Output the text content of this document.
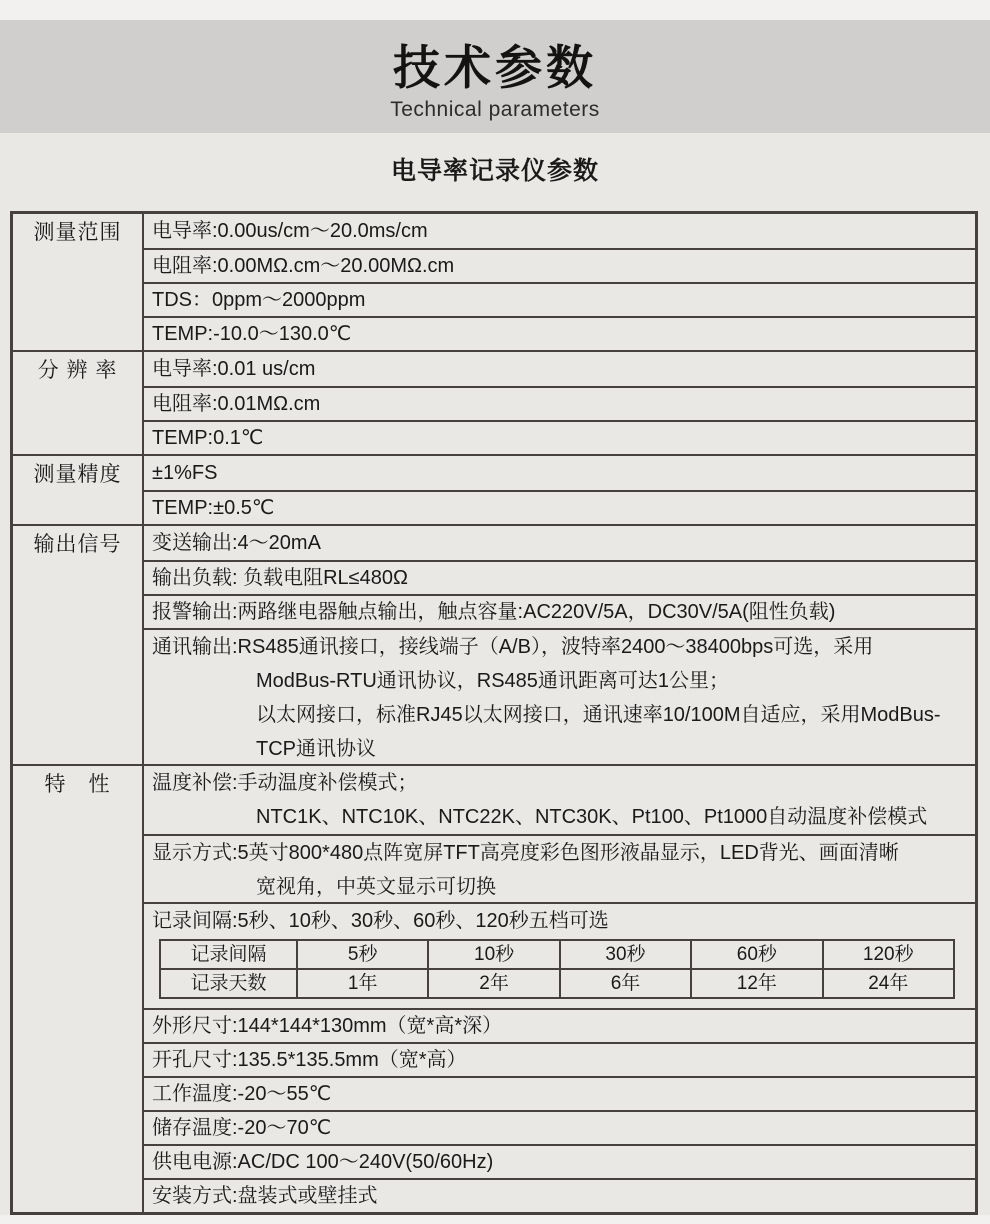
技术参数
Technical parameters
电导率记录仪参数
测量范围	电导率:0.00us/cm～20.0ms/cm
电阻率:0.00MΩ.cm～20.00MΩ.cm
TDS：0ppm～2000ppm
TEMP:-10.0～130.0℃
分 辨 率	电导率:0.01 us/cm
电阻率:0.01MΩ.cm
TEMP:0.1℃
测量精度	±1%FS
TEMP:±0.5℃
输出信号	变送输出:4～20mA
输出负载: 负载电阻RL≤480Ω
报警输出:两路继电器触点输出，触点容量:AC220V/5A，DC30V/5A(阻性负载)
通讯输出:RS485通讯接口，接线端子（A/B），波特率2400～38400bps可选，采用
ModBus-RTU通讯协议，RS485通讯距离可达1公里；
以太网接口，标准RJ45以太网接口，通讯速率10/100M自适应，采用ModBus-
TCP通讯协议
特　性	温度补偿:手动温度补偿模式；
NTC1K、NTC10K、NTC22K、NTC30K、Pt100、Pt1000自动温度补偿模式
显示方式:5英寸800*480点阵宽屏TFT高亮度彩色图形液晶显示，LED背光、画面清晰
宽视角，中英文显示可切换
记录间隔:5秒、10秒、30秒、60秒、120秒五档可选
记录间隔	5秒	10秒	30秒	60秒	120秒
记录天数	1年	2年	6年	12年	24年
外形尺寸:144*144*130mm（宽*高*深）
开孔尺寸:135.5*135.5mm（宽*高）
工作温度:-20～55℃
储存温度:-20～70℃
供电电源:AC/DC 100～240V(50/60Hz)
安装方式:盘装式或壁挂式
